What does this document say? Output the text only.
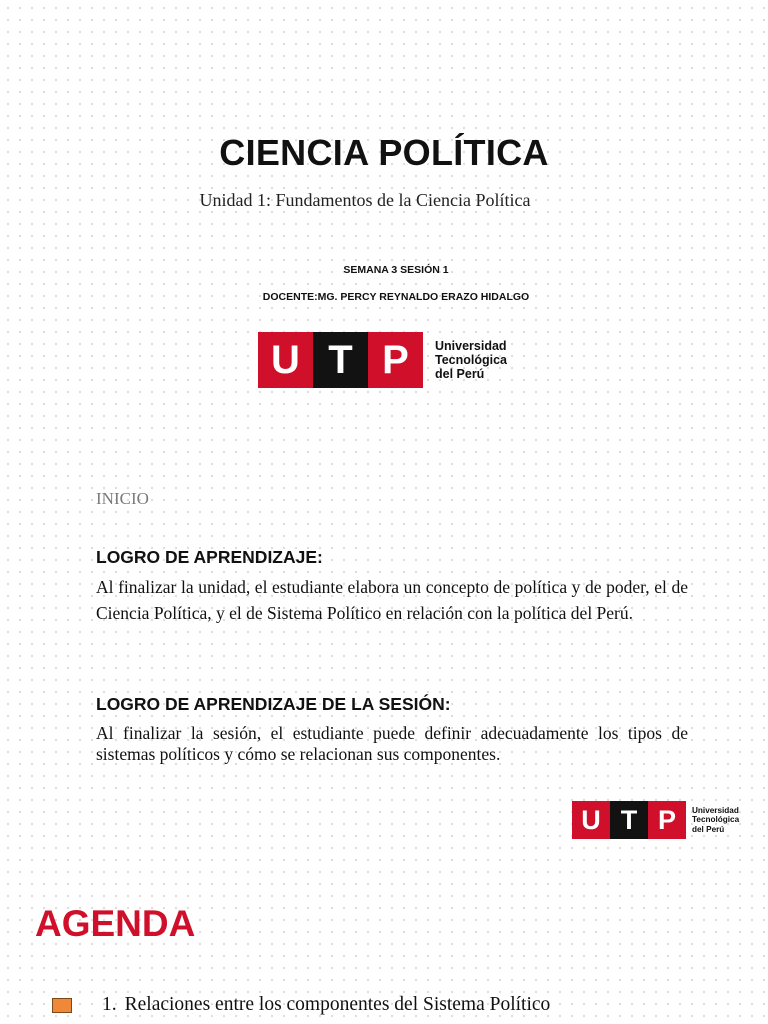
CIENCIA POLÍTICA
Unidad 1: Fundamentos de la Ciencia Política
SEMANA 3 SESIÓN 1
DOCENTE:MG. PERCY REYNALDO ERAZO HIDALGO
U T P	Universidad
Tecnológica
del Perú
INICIO
LOGRO DE APRENDIZAJE:
Al finalizar la unidad, el estudiante elabora un concepto de política y de poder, el de Ciencia Política, y el de Sistema Político en relación con la política del Perú.
LOGRO DE APRENDIZAJE DE LA SESIÓN:
Al finalizar la sesión, el estudiante puede definir adecuadamente los tipos de sistemas políticos y cómo se relacionan sus componentes.
U T P	Universidad
Tecnológica
del Perú
AGENDA
1. Relaciones entre los componentes del Sistema Político
